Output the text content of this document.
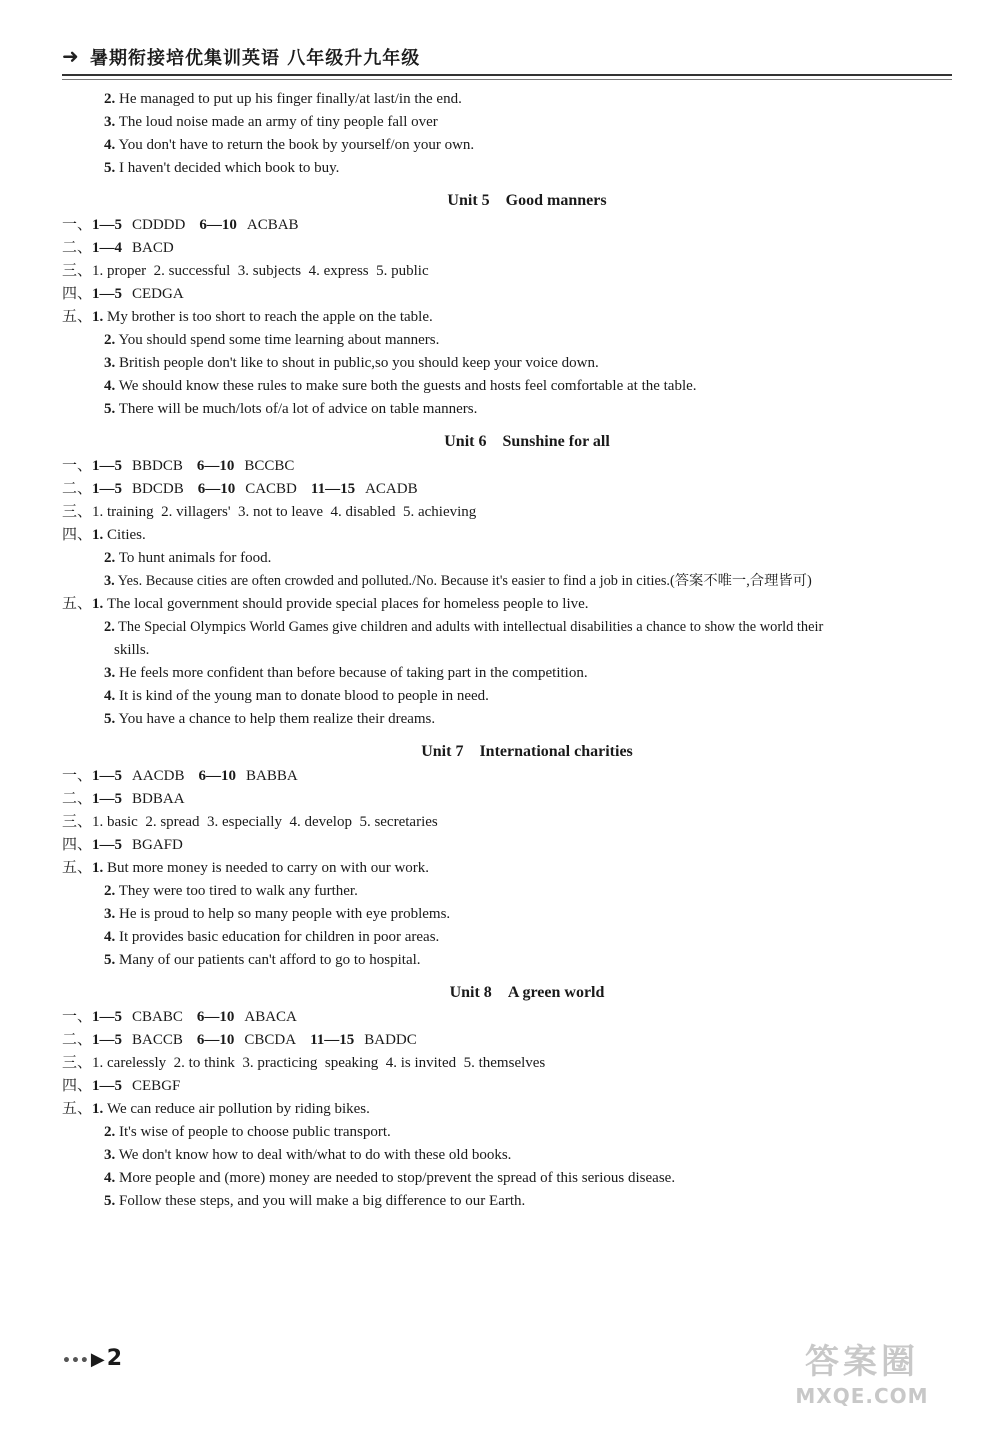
➜ 暑期衔接培优集训英语 八年级升九年级
2. He managed to put up his finger finally/at last/in the end.
3. The loud noise made an army of tiny people fall over
4. You don't have to return the book by yourself/on your own.
5. I haven't decided which book to buy.
Unit 5 Good manners
一、1—5 CDDDD 6—10 ACBAB
二、1—4 BACD
三、1. proper  2. successful  3. subjects  4. express  5. public
四、1—5 CEDGA
五、1. My brother is too short to reach the apple on the table.
2. You should spend some time learning about manners.
3. British people don't like to shout in public,so you should keep your voice down.
4. We should know these rules to make sure both the guests and hosts feel comfortable at the table.
5. There will be much/lots of/a lot of advice on table manners.
Unit 6 Sunshine for all
一、1—5 BBDCB 6—10 BCCBC
二、1—5 BDCDB 6—10 CACBD 11—15 ACADB
三、1. training  2. villagers'  3. not to leave  4. disabled  5. achieving
四、1. Cities.
2. To hunt animals for food.
3. Yes. Because cities are often crowded and polluted./No. Because it's easier to find a job in cities.(答案不唯一,合理皆可)
五、1. The local government should provide special places for homeless people to live.
2. The Special Olympics World Games give children and adults with intellectual disabilities a chance to show the world their
skills.
3. He feels more confident than before because of taking part in the competition.
4. It is kind of the young man to donate blood to people in need.
5. You have a chance to help them realize their dreams.
Unit 7 International charities
一、1—5 AACDB 6—10 BABBA
二、1—5 BDBAA
三、1. basic  2. spread  3. especially  4. develop  5. secretaries
四、1—5 BGAFD
五、1. But more money is needed to carry on with our work.
2. They were too tired to walk any further.
3. He is proud to help so many people with eye problems.
4. It provides basic education for children in poor areas.
5. Many of our patients can't afford to go to hospital.
Unit 8 A green world
一、1—5 CBABC 6—10 ABACA
二、1—5 BACCB 6—10 CBCDA 11—15 BADDC
三、1. carelessly  2. to think  3. practicing  speaking  4. is invited  5. themselves
四、1—5 CEBGF
五、1. We can reduce air pollution by riding bikes.
2. It's wise of people to choose public transport.
3. We don't know how to deal with/what to do with these old books.
4. More people and (more) money are needed to stop/prevent the spread of this serious disease.
5. Follow these steps, and you will make a big difference to our Earth.
••• ▶2	答案圈
MXQE.COM
